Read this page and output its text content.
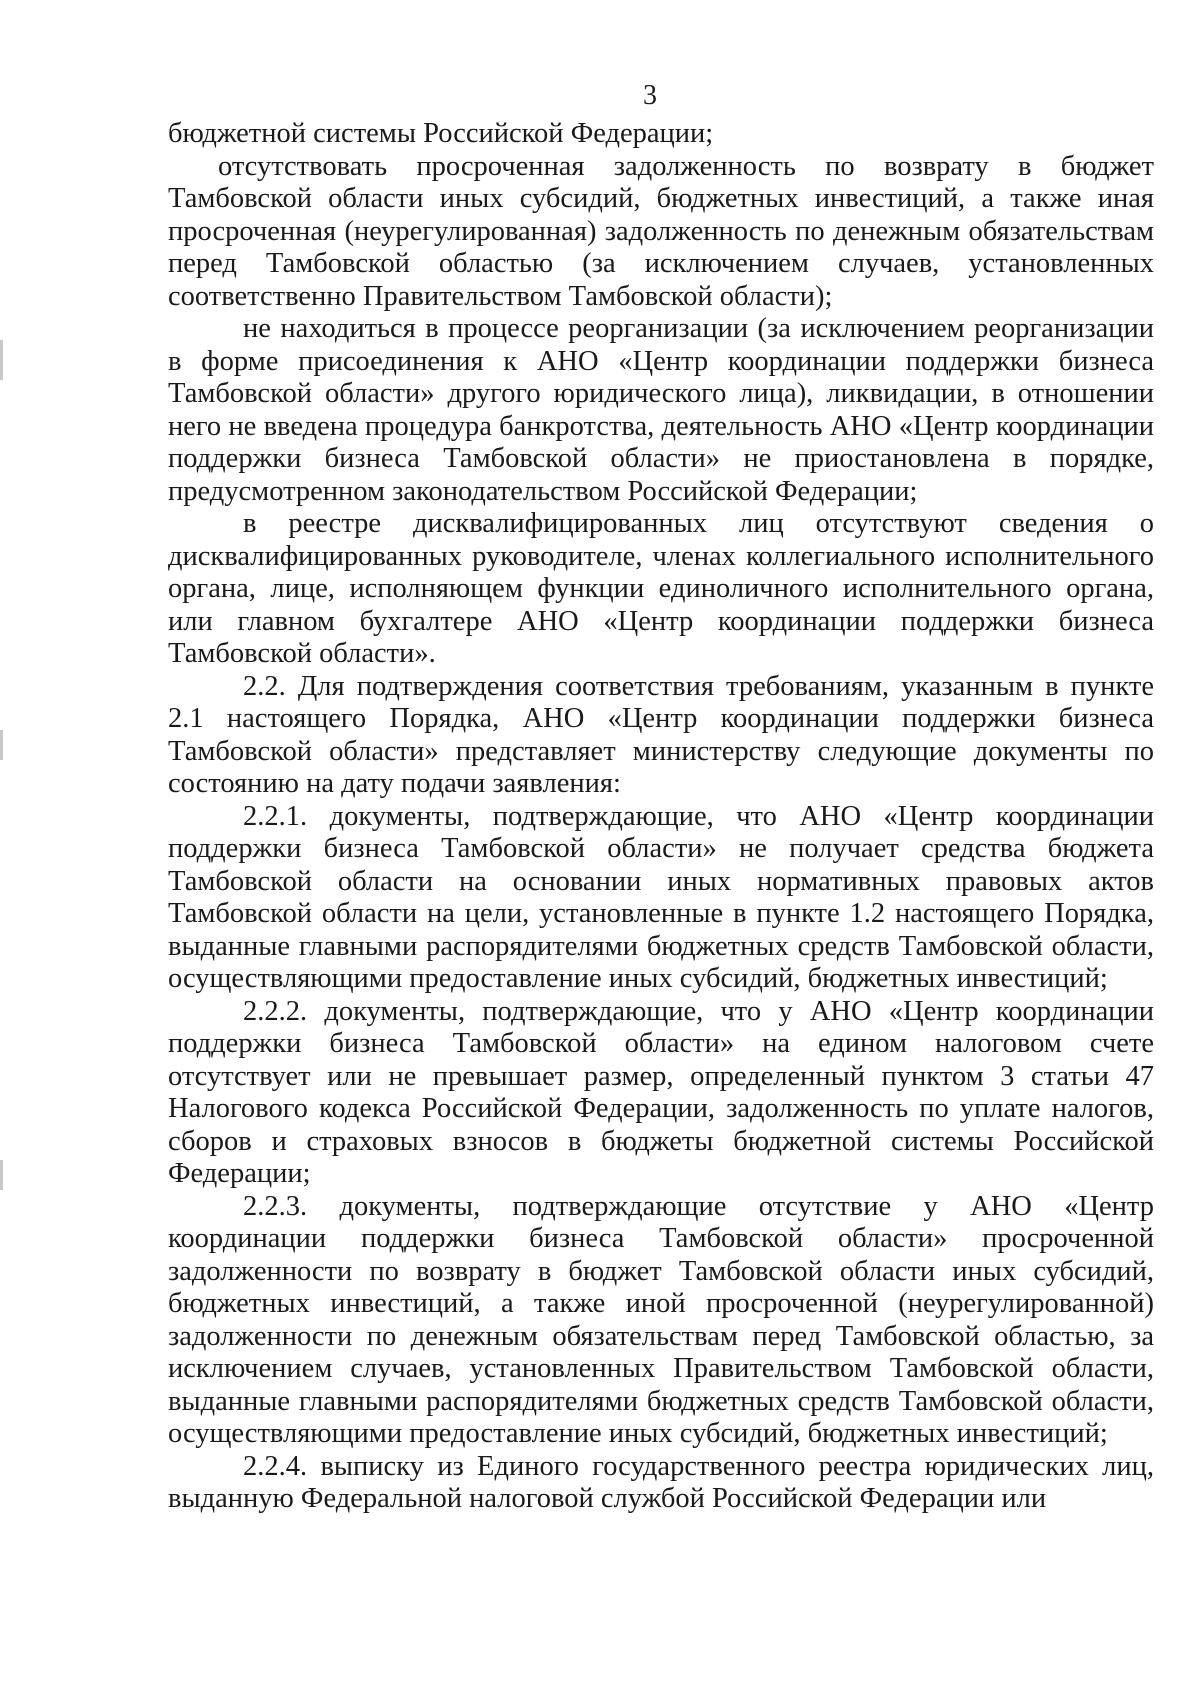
3

бюджетной системы Российской Федерации;

отсутствовать просроченная задолженность по возврату в бюджет Тамбовской области иных субсидий, бюджетных инвестиций, а также иная просроченная (неурегулированная) задолженность по денежным обязательствам перед Тамбовской областью (за исключением случаев, установленных соответственно Правительством Тамбовской области);

не находиться в процессе реорганизации (за исключением реорганизации в форме присоединения к АНО «Центр координации поддержки бизнеса Тамбовской области» другого юридического лица), ликвидации, в отношении него не введена процедура банкротства, деятельность АНО «Центр координации поддержки бизнеса Тамбовской области» не приостановлена в порядке, предусмотренном законодательством Российской Федерации;

в реестре дисквалифицированных лиц отсутствуют сведения о дисквалифицированных руководителе, членах коллегиального исполнительного органа, лице, исполняющем функции единоличного исполнительного органа, или главном бухгалтере АНО «Центр координации поддержки бизнеса Тамбовской области».

2.2. Для подтверждения соответствия требованиям, указанным в пункте 2.1 настоящего Порядка, АНО «Центр координации поддержки бизнеса Тамбовской области» представляет министерству следующие документы по состоянию на дату подачи заявления:

2.2.1. документы, подтверждающие, что АНО «Центр координации поддержки бизнеса Тамбовской области» не получает средства бюджета Тамбовской области на основании иных нормативных правовых актов Тамбовской области на цели, установленные в пункте 1.2 настоящего Порядка, выданные главными распорядителями бюджетных средств Тамбовской области, осуществляющими предоставление иных субсидий, бюджетных инвестиций;

2.2.2. документы, подтверждающие, что у АНО «Центр координации поддержки бизнеса Тамбовской области» на едином налоговом счете отсутствует или не превышает размер, определенный пунктом 3 статьи 47 Налогового кодекса Российской Федерации, задолженность по уплате налогов, сборов и страховых взносов в бюджеты бюджетной системы Российской Федерации;

2.2.3. документы, подтверждающие отсутствие у АНО «Центр координации поддержки бизнеса Тамбовской области» просроченной задолженности по возврату в бюджет Тамбовской области иных субсидий, бюджетных инвестиций, а также иной просроченной (неурегулированной) задолженности по денежным обязательствам перед Тамбовской областью, за исключением случаев, установленных Правительством Тамбовской области, выданные главными распорядителями бюджетных средств Тамбовской области, осуществляющими предоставление иных субсидий, бюджетных инвестиций;

2.2.4. выписку из Единого государственного реестра юридических лиц, выданную Федеральной налоговой службой Российской Федерации или
